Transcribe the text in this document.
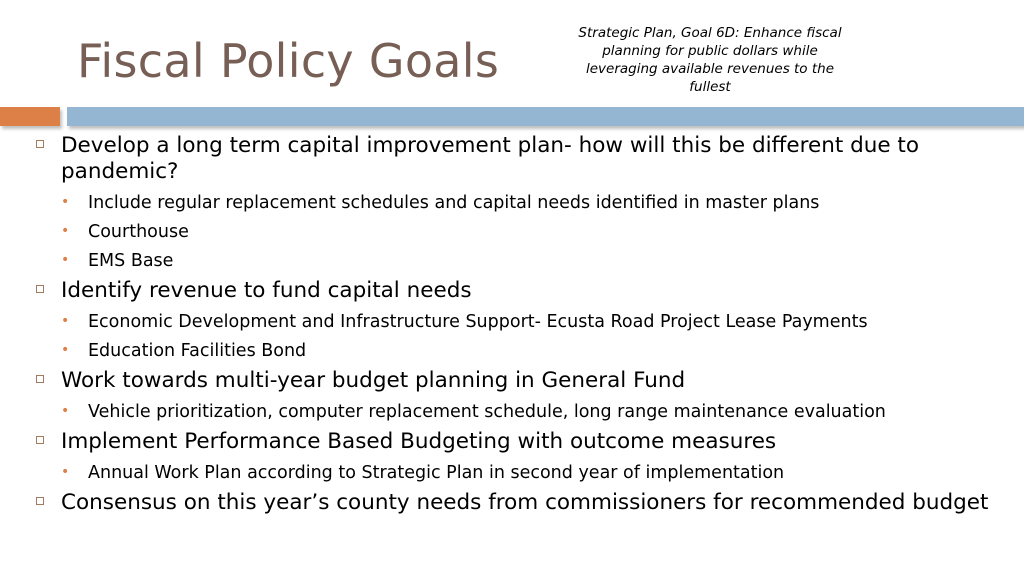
Fiscal Policy Goals
Strategic Plan, Goal 6D: Enhance fiscal planning for public dollars while leveraging available revenues to the fullest
Develop a long term capital improvement plan- how will this be different due to pandemic?
• Include regular replacement schedules and capital needs identified in master plans
• Courthouse
• EMS Base
Identify revenue to fund capital needs
• Economic Development and Infrastructure Support- Ecusta Road Project Lease Payments
• Education Facilities Bond
Work towards multi-year budget planning in General Fund
• Vehicle prioritization, computer replacement schedule, long range maintenance evaluation
Implement Performance Based Budgeting with outcome measures
• Annual Work Plan according to Strategic Plan in second year of implementation
Consensus on this year’s county needs from commissioners for recommended budget
